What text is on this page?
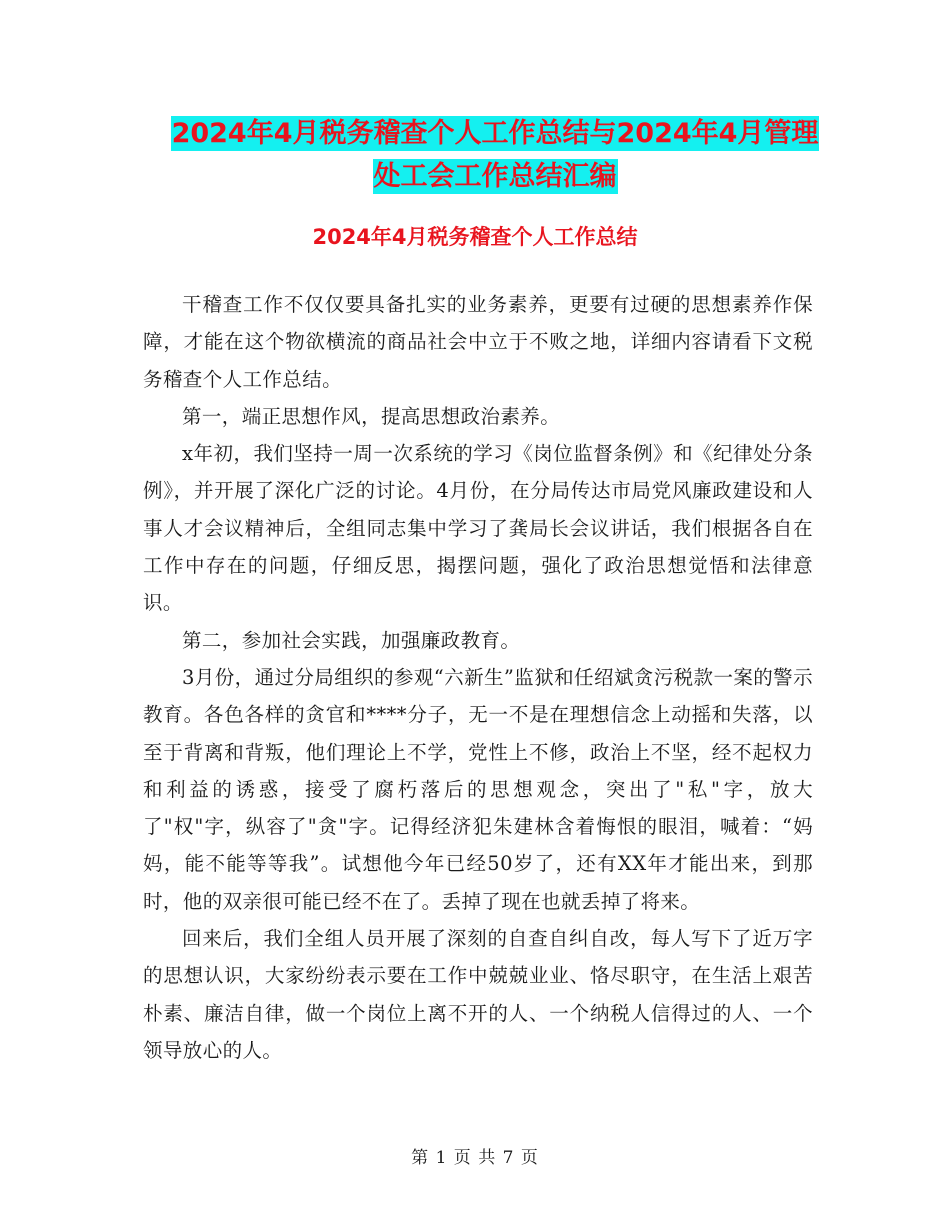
2024年4月税务稽查个人工作总结与2024年4月管理
处工会工作总结汇编
2024年4月税务稽查个人工作总结

干稽查工作不仅仅要具备扎实的业务素养，更要有过硬的思想素养作保障，才能在这个物欲横流的商品社会中立于不败之地，详细内容请看下文税务稽查个人工作总结。

第一，端正思想作风，提高思想政治素养。

x年初，我们坚持一周一次系统的学习《岗位监督条例》和《纪律处分条例》，并开展了深化广泛的讨论。4月份，在分局传达市局党风廉政建设和人事人才会议精神后，全组同志集中学习了龚局长会议讲话，我们根据各自在工作中存在的问题，仔细反思，揭摆问题，强化了政治思想觉悟和法律意识。

第二，参加社会实践，加强廉政教育。

3月份，通过分局组织的参观“六新生”监狱和任绍斌贪污税款一案的警示教育。各色各样的贪官和****分子，无一不是在理想信念上动摇和失落，以至于背离和背叛，他们理论上不学，党性上不修，政治上不坚，经不起权力和利益的诱惑，接受了腐朽落后的思想观念，突出了"私"字，放大了"权"字，纵容了"贪"字。记得经济犯朱建林含着悔恨的眼泪，喊着：“妈妈，能不能等等我”。试想他今年已经50岁了，还有XX年才能出来，到那时，他的双亲很可能已经不在了。丢掉了现在也就丢掉了将来。

回来后，我们全组人员开展了深刻的自查自纠自改，每人写下了近万字的思想认识，大家纷纷表示要在工作中兢兢业业、恪尽职守，在生活上艰苦朴素、廉洁自律，做一个岗位上离不开的人、一个纳税人信得过的人、一个领导放心的人。

第 1 页 共 7 页
